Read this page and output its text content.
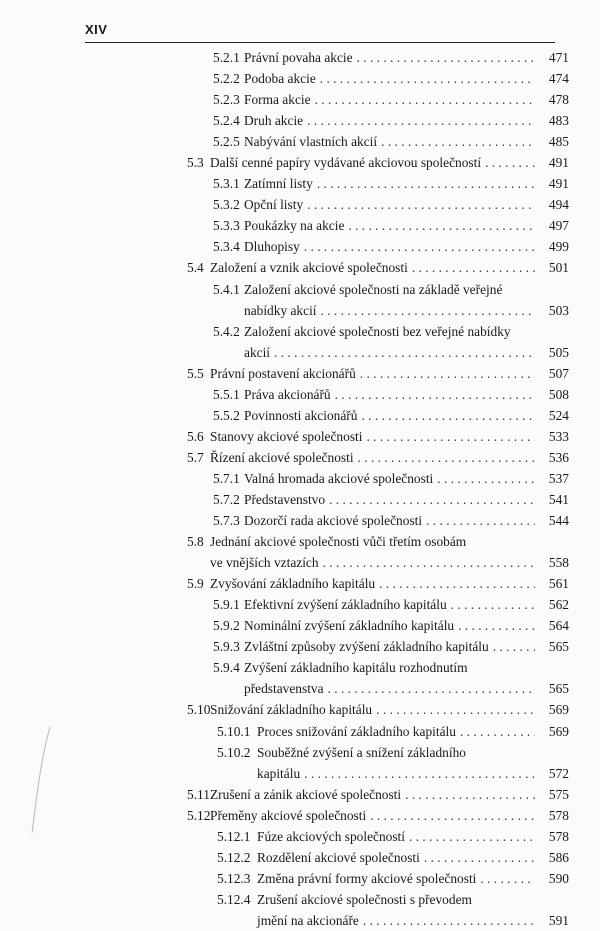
XIV
5.2.1 Právní povaha akcie . . .	471
5.2.2 Podoba akcie . . .	474
5.2.3 Forma akcie . . .	478
5.2.4 Druh akcie . . .	483
5.2.5 Nabývání vlastních akcií . . .	485
5.3 Další cenné papíry vydávané akciovou společností . . .	491
5.3.1 Zatímní listy . . .	491
5.3.2 Opční listy . . .	494
5.3.3 Poukázky na akcie . . .	497
5.3.4 Dluhopisy . . .	499
5.4 Založení a vznik akciové společnosti . . .	501
5.4.1 Založení akciové společnosti na základě veřejné
nabídky akcií . . .	503
5.4.2 Založení akciové společnosti bez veřejné nabídky
akcií . . .	505
5.5 Právní postavení akcionářů . . .	507
5.5.1 Práva akcionářů . . .	508
5.5.2 Povinnosti akcionářů . . .	524
5.6 Stanovy akciové společnosti . . .	533
5.7 Řízení akciové společnosti . . .	536
5.7.1 Valná hromada akciové společnosti . . .	537
5.7.2 Představenstvo . . .	541
5.7.3 Dozorčí rada akciové společnosti . . .	544
5.8 Jednání akciové společnosti vůči třetím osobám
ve vnějších vztazích . . .	558
5.9 Zvyšování základního kapitálu . . .	561
5.9.1 Efektivní zvýšení základního kapitálu . . .	562
5.9.2 Nominální zvýšení základního kapitálu . . .	564
5.9.3 Zvláštní způsoby zvýšení základního kapitálu . . .	565
5.9.4 Zvýšení základního kapitálu rozhodnutím
představenstva . . .	565
5.10 Snižování základního kapitálu . . .	569
5.10.1 Proces snižování základního kapitálu . . .	569
5.10.2 Souběžné zvýšení a snížení základního
kapitálu . . .	572
5.11 Zrušení a zánik akciové společnosti . . .	575
5.12 Přeměny akciové společnosti . . .	578
5.12.1 Fúze akciových společností . . .	578
5.12.2 Rozdělení akciové společnosti . . .	586
5.12.3 Změna právní formy akciové společnosti . . .	590
5.12.4 Zrušení akciové společnosti s převodem
jmění na akcionáře . . .	591
